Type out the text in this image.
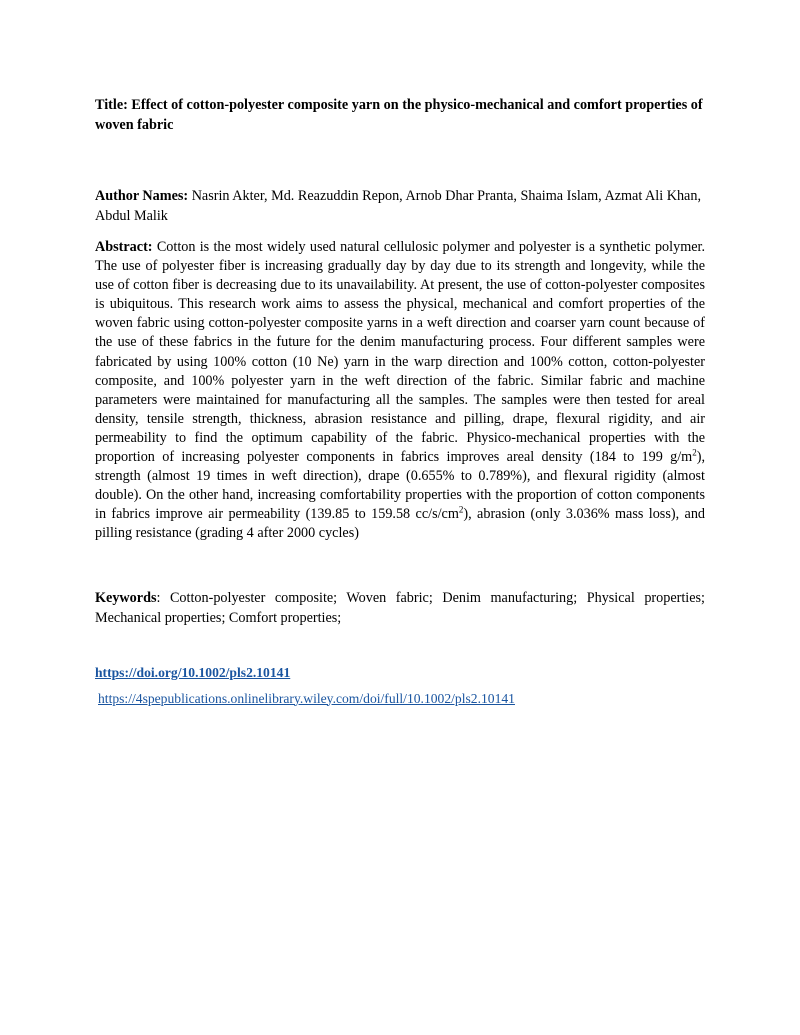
Title: Effect of cotton-polyester composite yarn on the physico-mechanical and comfort properties of woven fabric

Author Names: Nasrin Akter, Md. Reazuddin Repon, Arnob Dhar Pranta, Shaima Islam, Azmat Ali Khan, Abdul Malik

Abstract: Cotton is the most widely used natural cellulosic polymer and polyester is a synthetic polymer. The use of polyester fiber is increasing gradually day by day due to its strength and longevity, while the use of cotton fiber is decreasing due to its unavailability. At present, the use of cotton-polyester composites is ubiquitous. This research work aims to assess the physical, mechanical and comfort properties of the woven fabric using cotton-polyester composite yarns in a weft direction and coarser yarn count because of the use of these fabrics in the future for the denim manufacturing process. Four different samples were fabricated by using 100% cotton (10 Ne) yarn in the warp direction and 100% cotton, cotton-polyester composite, and 100% polyester yarn in the weft direction of the fabric. Similar fabric and machine parameters were maintained for manufacturing all the samples. The samples were then tested for areal density, tensile strength, thickness, abrasion resistance and pilling, drape, flexural rigidity, and air permeability to find the optimum capability of the fabric. Physico-mechanical properties with the proportion of increasing polyester components in fabrics improves areal density (184 to 199 $g/m^2$), strength (almost 19 times in weft direction), drape (0.655% to 0.789%), and flexural rigidity (almost double). On the other hand, increasing comfortability properties with the proportion of cotton components in fabrics improve air permeability (139.85 to 159.58 $cc/s/cm^2$), abrasion (only 3.036% mass loss), and pilling resistance (grading 4 after 2000 cycles)

Keywords: Cotton-polyester composite; Woven fabric; Denim manufacturing; Physical properties; Mechanical properties; Comfort properties;

https://doi.org/10.1002/pls2.10141
https://4spepublications.onlinelibrary.wiley.com/doi/full/10.1002/pls2.10141
